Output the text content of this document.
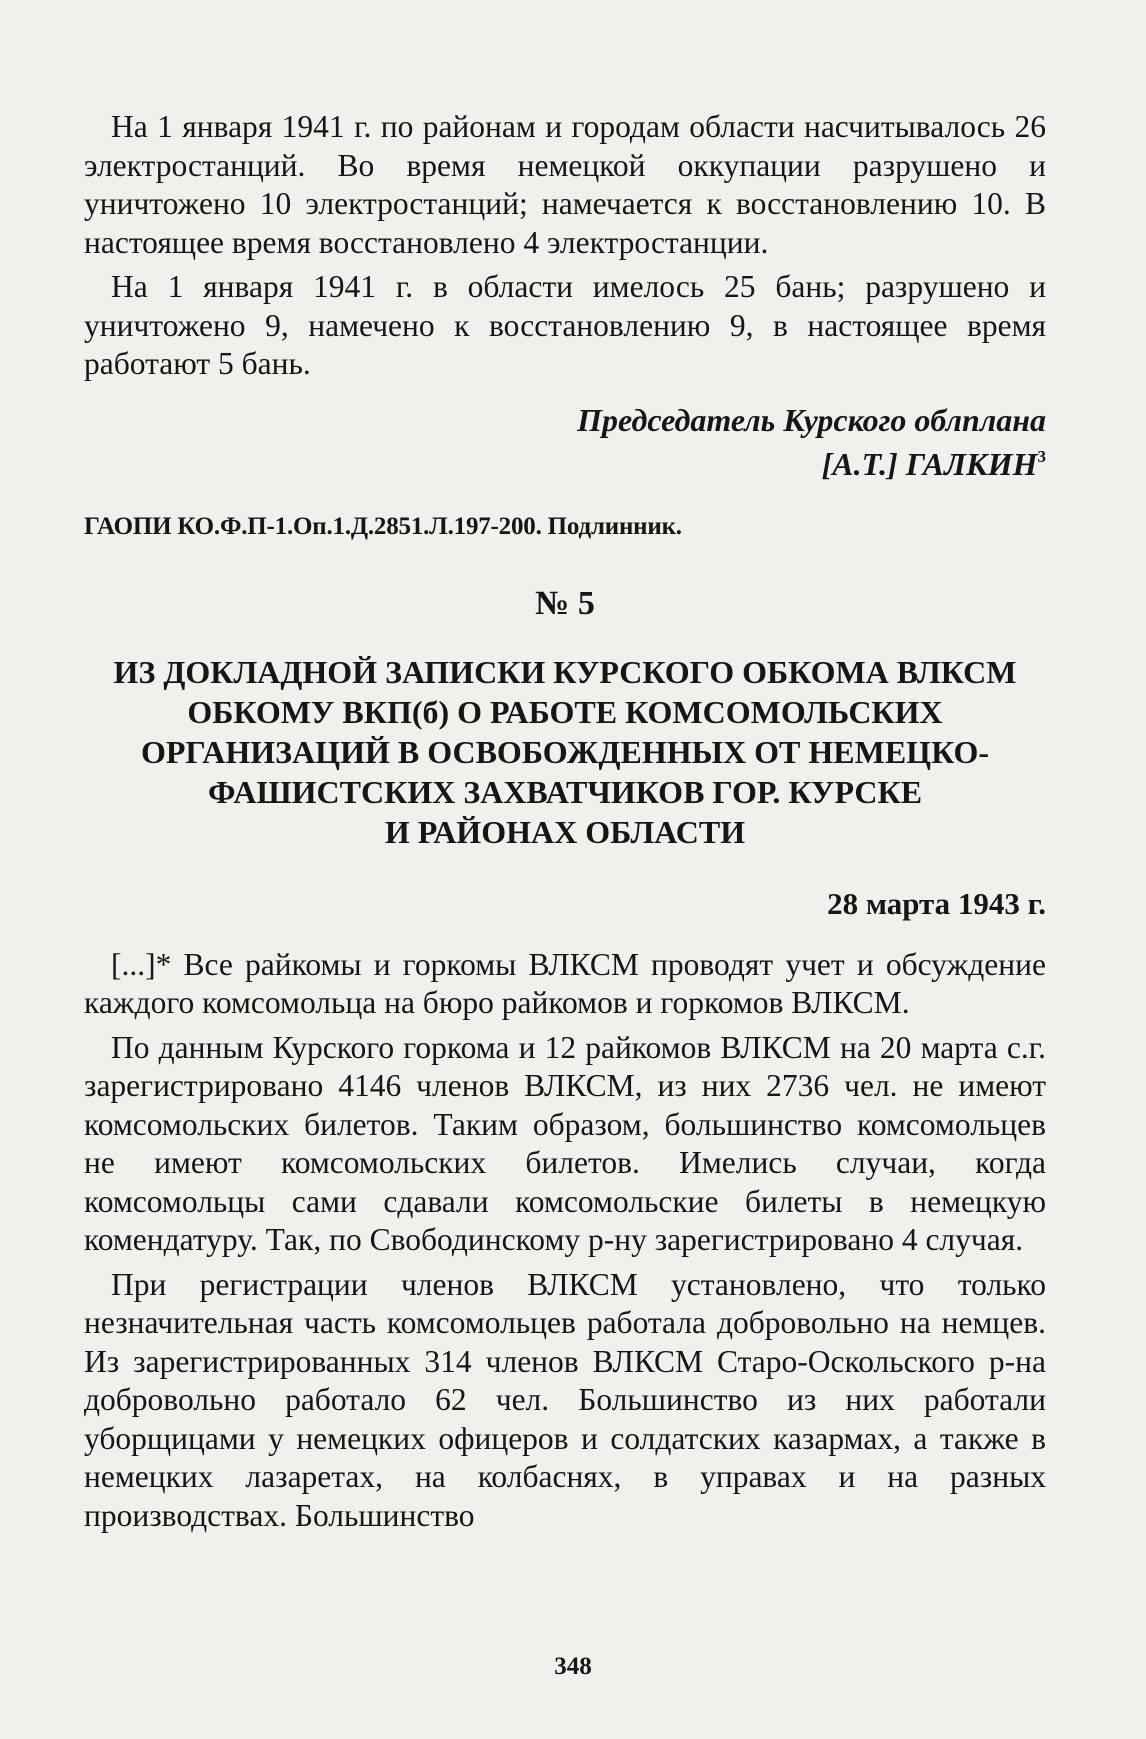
На 1 января 1941 г. по районам и городам области насчитывалось 26 электростанций. Во время немецкой оккупации разрушено и уничтожено 10 электростанций; намечается к восстановлению 10. В настоящее время восстановлено 4 электростанции.

На 1 января 1941 г. в области имелось 25 бань; разрушено и уничтожено 9, намечено к восстановлению 9, в настоящее время работают 5 бань.

Председатель Курского облплана
[А.Т.] ГАЛКИН$^3$
ГАОПИ КО.Ф.П-1.Оп.1.Д.2851.Л.197-200. Подлинник.
№ 5
ИЗ ДОКЛАДНОЙ ЗАПИСКИ КУРСКОГО ОБКОМА ВЛКСМ
ОБКОМУ ВКП(б) О РАБОТЕ КОМСОМОЛЬСКИХ
ОРГАНИЗАЦИЙ В ОСВОБОЖДЕННЫХ ОТ НЕМЕЦКО-
ФАШИСТСКИХ ЗАХВАТЧИКОВ ГОР. КУРСКЕ
И РАЙОНАХ ОБЛАСТИ
28 марта 1943 г.

[...]* Все райкомы и горкомы ВЛКСМ проводят учет и обсуждение каждого комсомольца на бюро райкомов и горкомов ВЛКСМ.

По данным Курского горкома и 12 райкомов ВЛКСМ на 20 марта с.г. зарегистрировано 4146 членов ВЛКСМ, из них 2736 чел. не имеют комсомольских билетов. Таким образом, большинство комсомольцев не имеют комсомольских билетов. Имелись случаи, когда комсомольцы сами сдавали комсомольские билеты в немецкую комендатуру. Так, по Свободинскому р-ну зарегистрировано 4 случая.

При регистрации членов ВЛКСМ установлено, что только незначительная часть комсомольцев работала добровольно на немцев. Из зарегистрированных 314 членов ВЛКСМ Старо-Оскольского р-на добровольно работало 62 чел. Большинство из них работали уборщицами у немецких офицеров и солдатских казармах, а также в немецких лазаретах, на колбаснях, в управах и на разных производствах. Большинство

348
